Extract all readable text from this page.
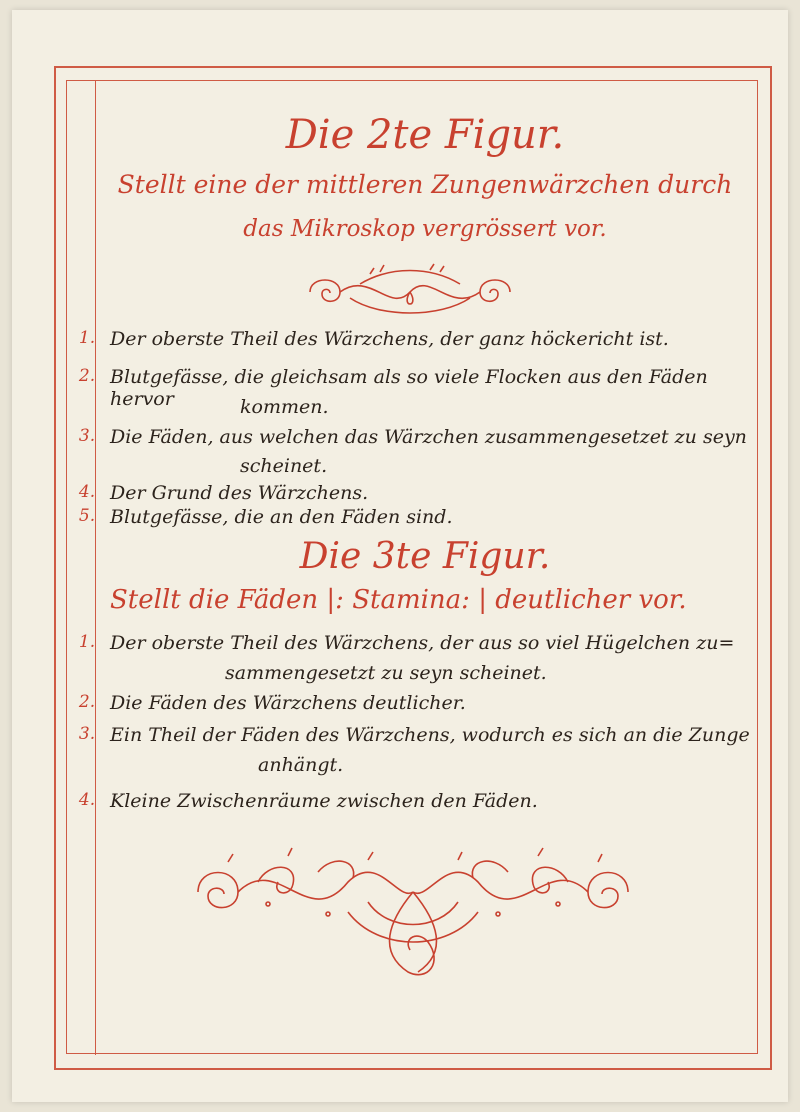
Die 2te Figur.
Stellt eine der mittleren Zungenwärzchen durch
das Mikroskop vergrössert vor.
1. Der oberste Theil des Wärzchens, der ganz höckericht ist.
2. Blutgefässe, die gleichsam als so viele Flocken aus den Fäden hervor	kommen.
3. Die Fäden, aus welchen das Wärzchen zusammengesetzet zu seyn
scheinet.
4. Der Grund des Wärzchens.
5. Blutgefässe, die an den Fäden sind.
Die 3te Figur.
Stellt die Fäden |: Stamina: | deutlicher vor.
1. Der oberste Theil des Wärzchens, der aus so viel Hügelchen zu=
sammengesetzt zu seyn scheinet.
2. Die Fäden des Wärzchens deutlicher.
3. Ein Theil der Fäden des Wärzchens, wodurch es sich an die Zunge
anhängt.
4. Kleine Zwischenräume zwischen den Fäden.
